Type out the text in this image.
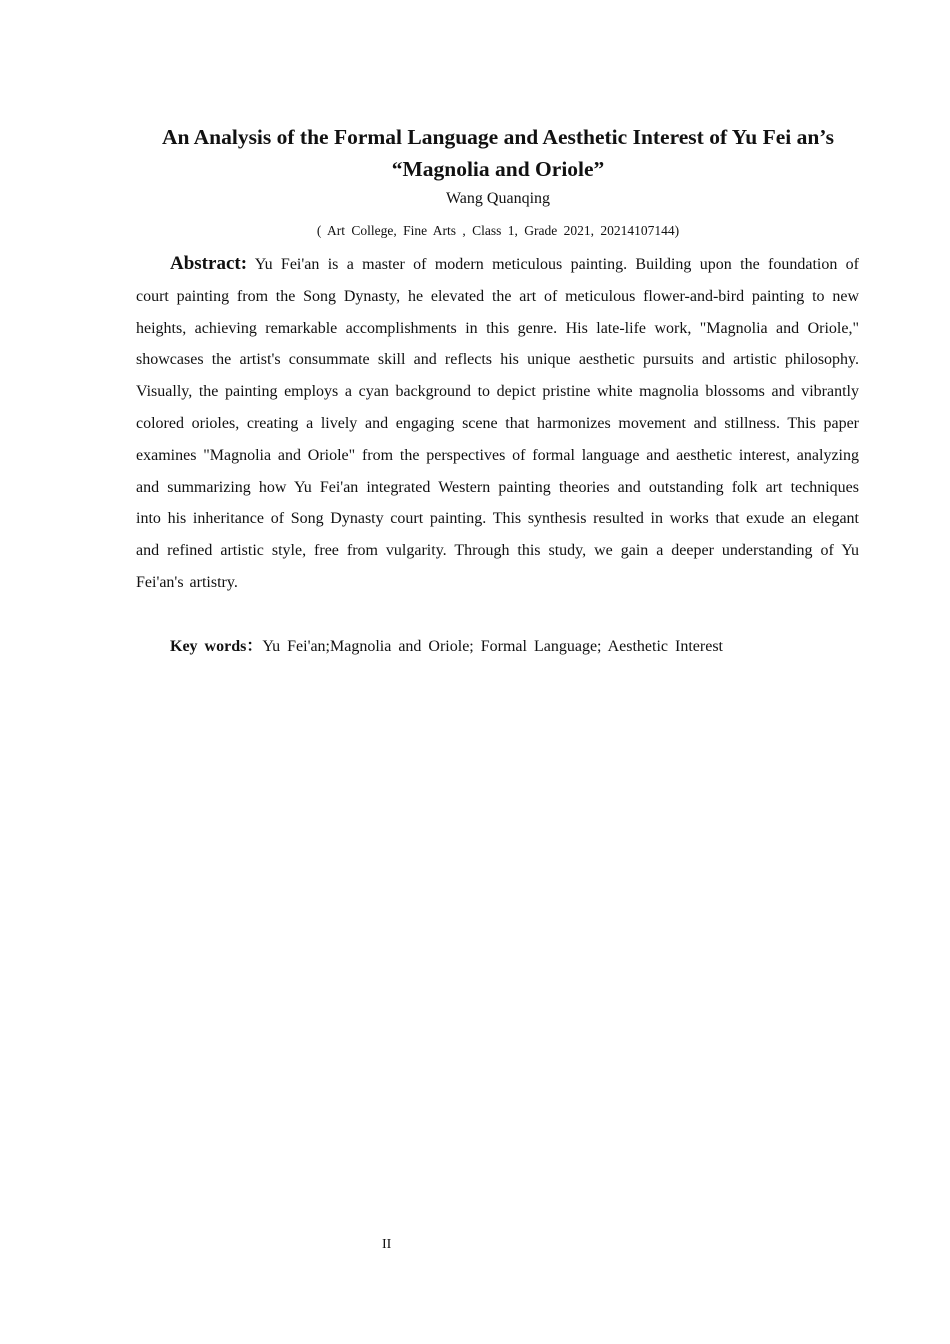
An Analysis of the Formal Language and Aesthetic Interest of Yu Fei an’s
“Magnolia and Oriole”
Wang Quanqing
( Art College, Fine Arts , Class 1, Grade 2021, 20214107144)

Abstract: Yu Fei'an is a master of modern meticulous painting. Building upon the foundation of court painting from the Song Dynasty, he elevated the art of meticulous flower-and-bird painting to new heights, achieving remarkable accomplishments in this genre. His late-life work, "Magnolia and Oriole," showcases the artist's consummate skill and reflects his unique aesthetic pursuits and artistic philosophy. Visually, the painting employs a cyan background to depict pristine white magnolia blossoms and vibrantly colored orioles, creating a lively and engaging scene that harmonizes movement and stillness. This paper examines "Magnolia and Oriole" from the perspectives of formal language and aesthetic interest, analyzing and summarizing how Yu Fei'an integrated Western painting theories and outstanding folk art techniques into his inheritance of Song Dynasty court painting. This synthesis resulted in works that exude an elegant and refined artistic style, free from vulgarity. Through this study, we gain a deeper understanding of Yu Fei'an's artistry.

Key words：Yu Fei'an;Magnolia and Oriole; Formal Language; Aesthetic Interest

II
